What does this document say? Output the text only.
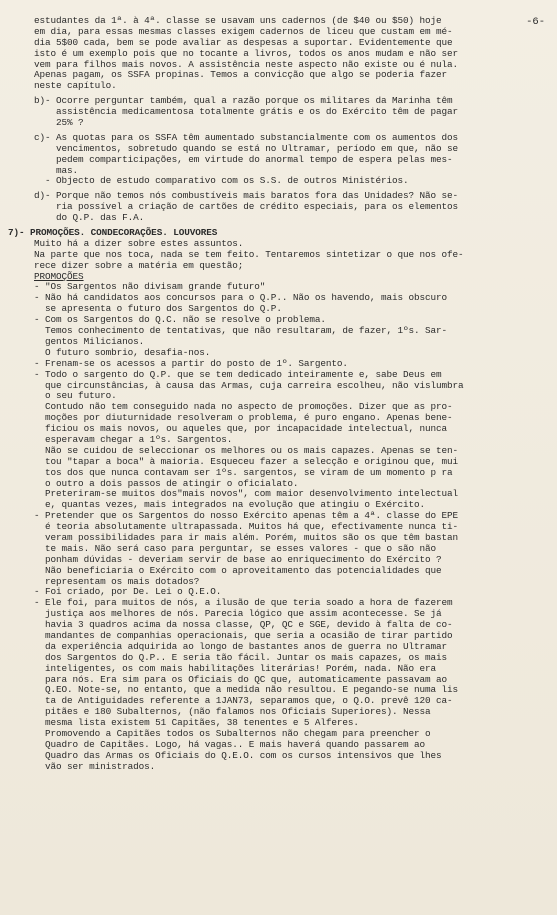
-6-
estudantes da 1ª. à 4ª. classe se usavam uns cadernos (de $40 ou $50) hoje
em dia, para essas mesmas classes exigem cadernos de liceu que custam em mé-
dia 5$00 cada, bem se pode avaliar as despesas a suportar. Evidentemente que
isto é um exemplo pois que no tocante a livros, todos os anos mudam e não ser
vem para filhos mais novos. A assistência neste aspecto não existe ou é nula.
Apenas pagam, os SSFA propinas. Temos a convicção que algo se poderia fazer
neste capítulo.
b)- Ocorre perguntar também, qual a razão porque os militares da Marinha têm
assistência medicamentosa totalmente grátis e os do Exército têm de pagar
25% ?
c)- As quotas para os SSFA têm aumentado substancialmente com os aumentos dos
vencimentos, sobretudo quando se está no Ultramar, período em que, não se
pedem comparticipações, em virtude do anormal tempo de espera pelas mes-
mas.
- Objecto de estudo comparativo com os S.S. de outros Ministérios.
d)- Porque não temos nós combustíveis mais baratos fora das Unidades? Não se-
ria possível a criação de cartões de crédito especiais, para os elementos
do Q.P. das F.A.
7)- PROMOÇÕES. CONDECORAÇÕES. LOUVORES
Muito há a dizer sobre estes assuntos.
Na parte que nos toca, nada se tem feito. Tentaremos sintetizar o que nos ofe-
rece dizer sobre a matéria em questão;
PROMOÇÕES
- "Os Sargentos não divisam grande futuro"
- Não há candidatos aos concursos para o Q.P.. Não os havendo, mais obscuro
se apresenta o futuro dos Sargentos do Q.P.
- Com os Sargentos do Q.C. não se resolve o problema.
Temos conhecimento de tentativas, que não resultaram, de fazer, 1ºs. Sar-
gentos Milicianos.
O futuro sombrio, desafia-nos.
- Frenam-se os acessos a partir do posto de 1º. Sargento.
- Todo o sargento do Q.P. que se tem dedicado inteiramente e, sabe Deus em
que circunstâncias, à causa das Armas, cuja carreira escolheu, não vislumbra
o seu futuro.
Contudo não tem conseguido nada no aspecto de promoções. Dizer que as pro-
moções por diuturnidade resolveram o problema, é puro engano. Apenas bene-
ficiou os mais novos, ou aqueles que, por incapacidade intelectual, nunca
esperavam chegar a 1ºs. Sargentos.
Não se cuidou de seleccionar os melhores ou os mais capazes. Apenas se ten-
tou "tapar a boca" à maioria. Esqueceu fazer a selecção e originou que, mui
tos dos que nunca contavam ser 1ºs. sargentos, se viram de um momento p ra
o outro a dois passos de atingir o oficialato.
Preteriram-se muitos dos"mais novos", com maior desenvolvimento intelectual
e, quantas vezes, mais integrados na evolução que atingiu o Exército.
- Pretender que os Sargentos do nosso Exército apenas têm a 4ª. classe do EPE
é teoria absolutamente ultrapassada. Muitos há que, efectivamente nunca ti-
veram possibilidades para ir mais além. Porém, muitos são os que têm bastan
te mais. Não será caso para perguntar, se esses valores - que o são não
ponham dúvidas - deveriam servir de base ao enriquecimento do Exército ?
Não beneficiaria o Exército com o aproveitamento das potencialidades que
representam os mais dotados?
- Foi criado, por De. Lei o Q.E.O.
- Ele foi, para muitos de nós, a ilusão de que teria soado a hora de fazerem
justiça aos melhores de nós. Parecia lógico que assim acontecesse. Se já
havia 3 quadros acima da nossa classe, QP, QC e SGE, devido à falta de co-
mandantes de companhias operacionais, que seria a ocasião de tirar partido
da experiência adquirida ao longo de bastantes anos de guerra no Ultramar
dos Sargentos do Q.P.. E seria tão fácil. Juntar os mais capazes, os mais
inteligentes, os com mais habilitações literárias! Porém, nada. Não era
para nós. Era sim para os Oficiais do QC que, automaticamente passavam ao
Q.EO. Note-se, no entanto, que a medida não resultou. E pegando-se numa lis
ta de Antiguidades referente a 1JAN73, separamos que, o Q.O. prevê 120 ca-
pitães e 180 Subalternos, (não falamos nos Oficiais Superiores). Nessa
mesma lista existem 51 Capitães, 38 tenentes e 5 Alferes.
Promovendo a Capitães todos os Subalternos não chegam para preencher o
Quadro de Capitães. Logo, há vagas.. E mais haverá quando passarem ao
Quadro das Armas os Oficiais do Q.E.O. com os cursos intensivos que lhes
vão ser ministrados.
